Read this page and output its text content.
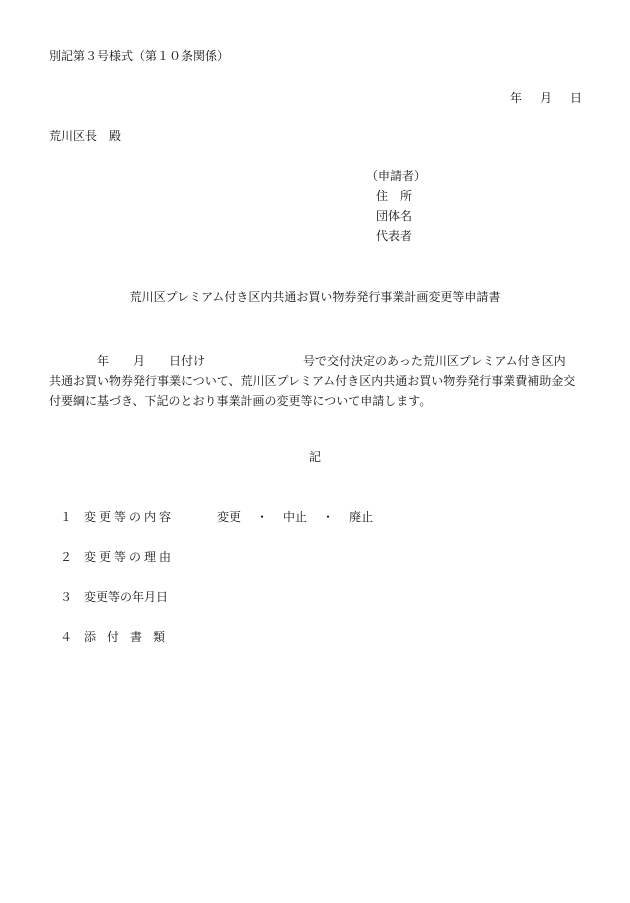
別記第３号様式（第１０条関係）
年 月 日
荒川区長　殿
（申請者）
住　所
団体名
代表者
荒川区プレミアム付き区内共通お買い物券発行事業計画変更等申請書
年 月 日付け	号で交付決定のあった荒川区プレミアム付き区内
共通お買い物券発行事業について、荒川区プレミアム付き区内共通お買い物券発行事業費補助金交
付要綱に基づき、下記のとおり事業計画の変更等について申請します。
記
１ 変更等の内容	変更 ・ 中止 ・ 廃止
２ 変更等の理由
３ 変更等の年月日
４ 添付書類
